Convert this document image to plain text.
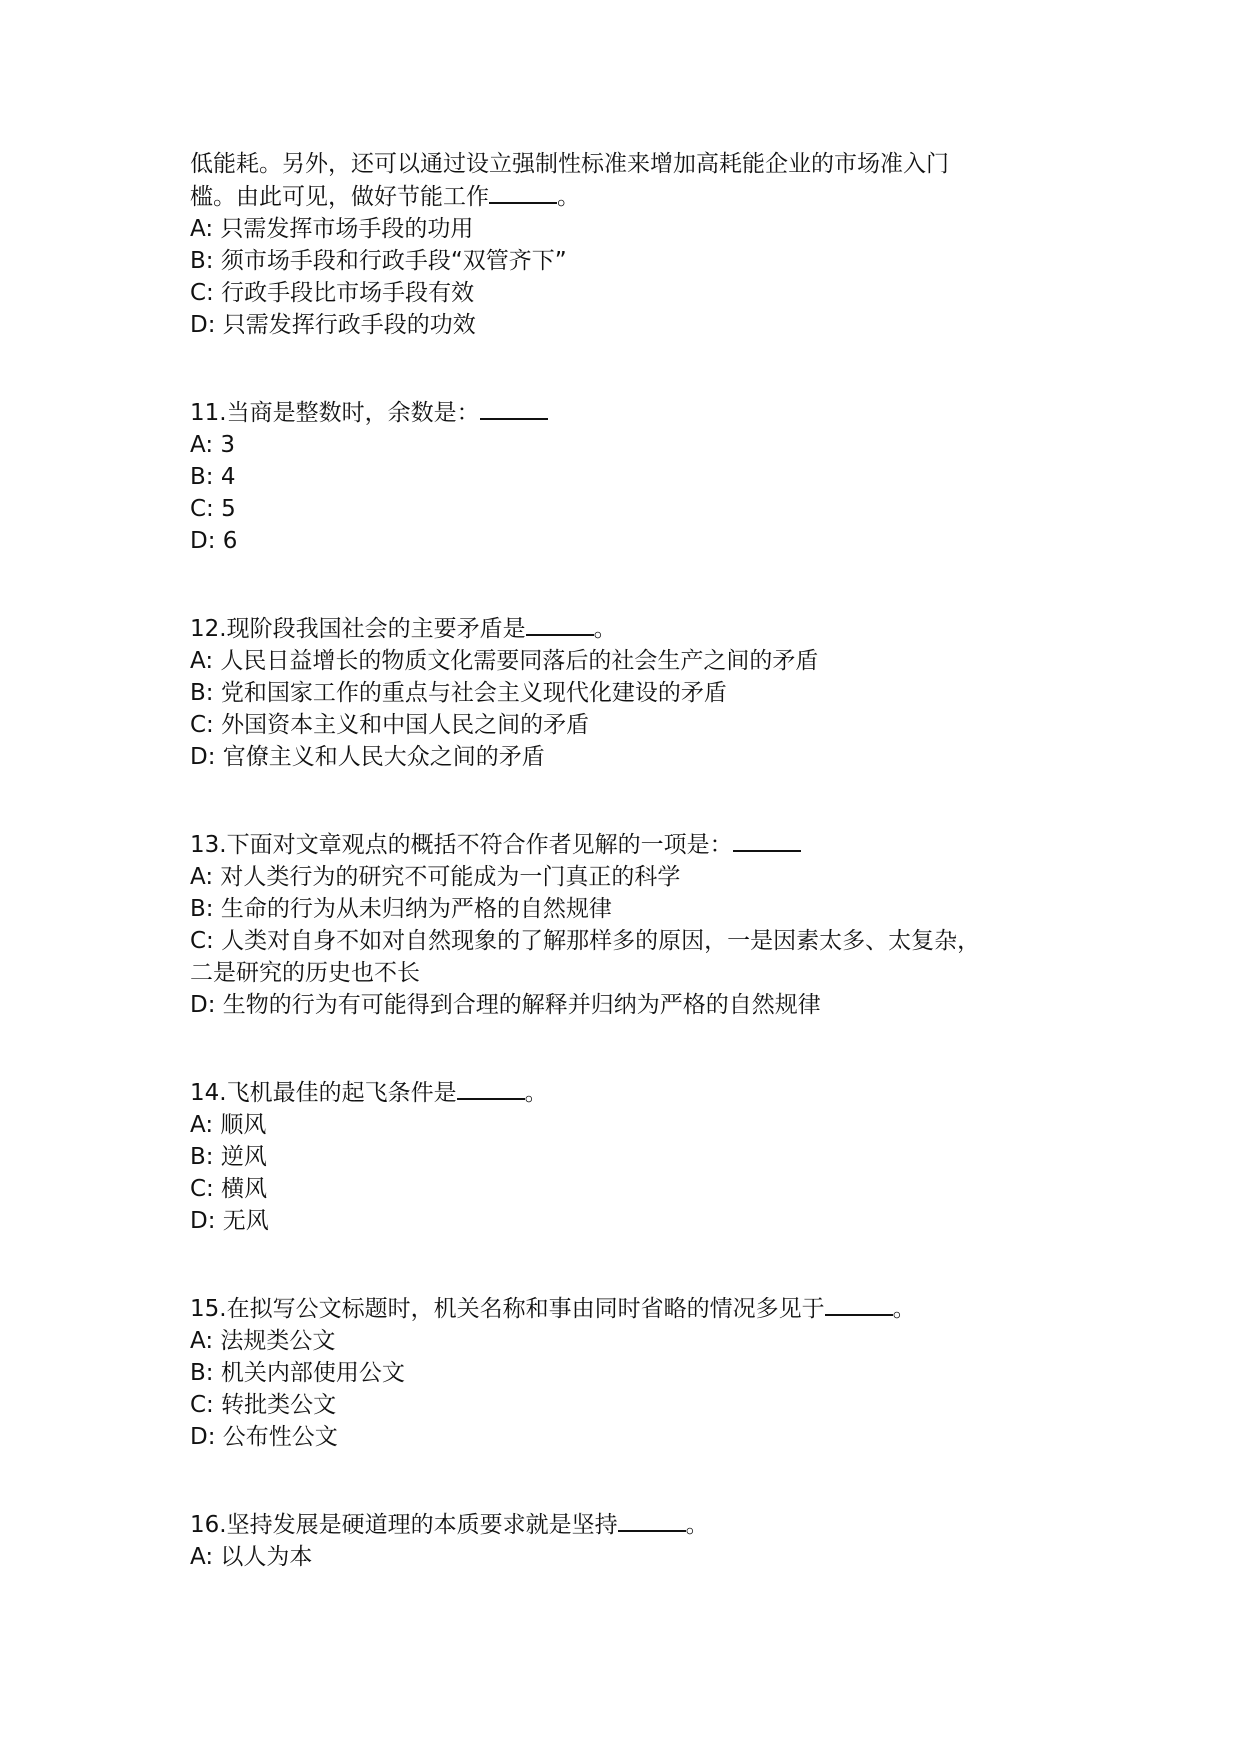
低能耗。另外，还可以通过设立强制性标准来增加高耗能企业的市场准入门

槛。由此可见，做好节能工作	。

A: 只需发挥市场手段的功用

B: 须市场手段和行政手段“双管齐下”

C: 行政手段比市场手段有效

D: 只需发挥行政手段的功效

11.当商是整数时，余数是：

A: 3

B: 4

C: 5

D: 6

12.现阶段我国社会的主要矛盾是	。

A: 人民日益增长的物质文化需要同落后的社会生产之间的矛盾

B: 党和国家工作的重点与社会主义现代化建设的矛盾

C: 外国资本主义和中国人民之间的矛盾

D: 官僚主义和人民大众之间的矛盾

13.下面对文章观点的概括不符合作者见解的一项是：

A: 对人类行为的研究不可能成为一门真正的科学

B: 生命的行为从未归纳为严格的自然规律

C: 人类对自身不如对自然现象的了解那样多的原因，一是因素太多、太复杂，

二是研究的历史也不长

D: 生物的行为有可能得到合理的解释并归纳为严格的自然规律

14.飞机最佳的起飞条件是	。

A: 顺风

B: 逆风

C: 横风

D: 无风

15.在拟写公文标题时，机关名称和事由同时省略的情况多见于	。

A: 法规类公文

B: 机关内部使用公文

C: 转批类公文

D: 公布性公文

16.坚持发展是硬道理的本质要求就是坚持	。

A: 以人为本
